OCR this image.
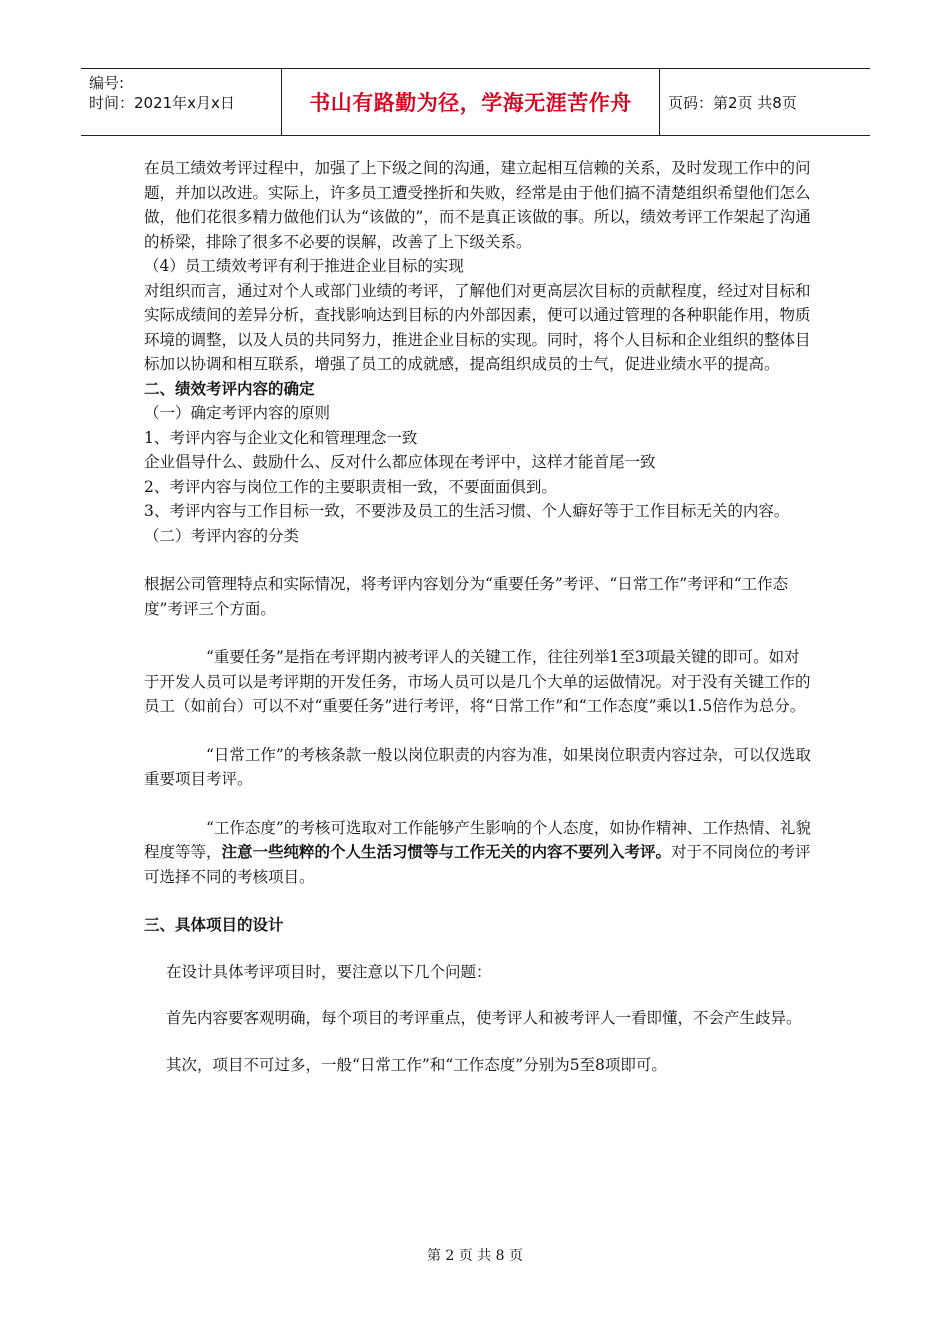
编号:
时间：2021年x月x日	书山有路勤为径，学海无涯苦作舟 页码：第2页 共8页

在员工绩效考评过程中，加强了上下级之间的沟通，建立起相互信赖的关系，及时发现工作中的问题，并加以改进。实际上，许多员工遭受挫折和失败，经常是由于他们搞不清楚组织希望他们怎么做，他们花很多精力做他们认为“该做的”，而不是真正该做的事。所以，绩效考评工作架起了沟通的桥梁，排除了很多不必要的误解，改善了上下级关系。

（4）员工绩效考评有利于推进企业目标的实现

对组织而言，通过对个人或部门业绩的考评，了解他们对更高层次目标的贡献程度，经过对目标和实际成绩间的差异分析，查找影响达到目标的内外部因素，便可以通过管理的各种职能作用，物质环境的调整，以及人员的共同努力，推进企业目标的实现。同时，将个人目标和企业组织的整体目标加以协调和相互联系，增强了员工的成就感，提高组织成员的士气，促进业绩水平的提高。

二、绩效考评内容的确定

（一）确定考评内容的原则

1、考评内容与企业文化和管理理念一致

企业倡导什么、鼓励什么、反对什么都应体现在考评中，这样才能首尾一致

2、考评内容与岗位工作的主要职责相一致，不要面面俱到。

3、考评内容与工作目标一致，不要涉及员工的生活习惯、个人癖好等于工作目标无关的内容。

（二）考评内容的分类

根据公司管理特点和实际情况，将考评内容划分为“重要任务”考评、“日常工作”考评和“工作态度”考评三个方面。

“重要任务”是指在考评期内被考评人的关键工作，往往列举1至3项最关键的即可。如对于开发人员可以是考评期的开发任务，市场人员可以是几个大单的运做情况。对于没有关键工作的员工（如前台）可以不对“重要任务”进行考评，将“日常工作”和“工作态度”乘以1.5倍作为总分。

“日常工作”的考核条款一般以岗位职责的内容为准，如果岗位职责内容过杂，可以仅选取重要项目考评。

“工作态度”的考核可选取对工作能够产生影响的个人态度，如协作精神、工作热情、礼貌程度等等，注意一些纯粹的个人生活习惯等与工作无关的内容不要列入考评。对于不同岗位的考评可选择不同的考核项目。

三、具体项目的设计

在设计具体考评项目时，要注意以下几个问题：

首先内容要客观明确，每个项目的考评重点，使考评人和被考评人一看即懂，不会产生歧异。

其次，项目不可过多，一般“日常工作”和“工作态度”分别为5至8项即可。

第 2 页 共 8 页
